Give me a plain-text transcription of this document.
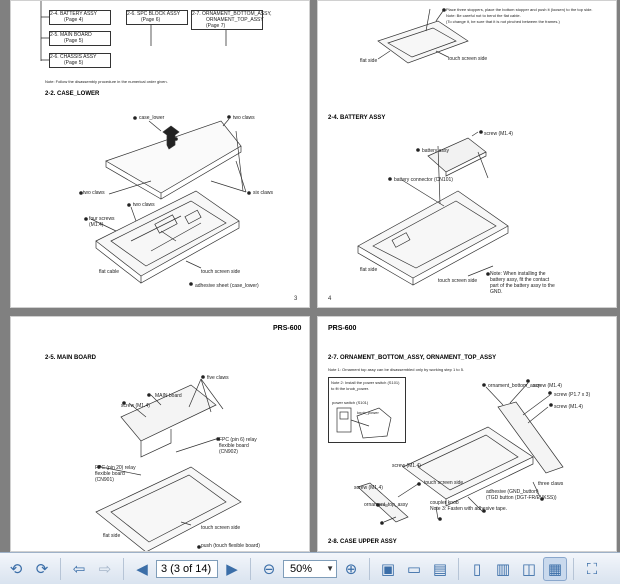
2-4. BATTERY ASSY
(Page 4)
2-5. MAIN BOARD
(Page 5)
2-6. CHASSIS ASSY
(Page 5)
2-6. SPC BLOCK ASSY
(Page 6)
2-7. ORNAMENT_BOTTOM_ASSY,
ORNAMENT_TOP_ASSY
(Page 7)
Note: Follow the disassembly procedure in the numerical order given.
2-2. CASE_LOWER
case_lower	two claws
two claws	six claws
four screws (M1.4)
two claws
flat cable	touch screen side
adhesive sheet (case_lower)
3
Place three stoppers, place the bottom stopper and push it (loosen) to the top side.
Note: Be careful not to bend the flat cable.
(To change it, be sure that it is not pinched between the frames.)
flat side	touch screen side
2-4. BATTERY ASSY
screw (M1.4)
battery assy
battery connector (CN101)
flat side
touch screen side
Note: When installing the battery assy, fit the contact part of the battery assy to the GND.
4
PRS-600
2-5. MAIN BOARD
five claws
MAIN board
screw (M1.4)
FPC (pin 6) relay flexible board (CN902)
FPC (pin 20) relay flexible board (CN901)
touch screen side
flat side
push (touch flexible board)
PRS-600
2-7. ORNAMENT_BOTTOM_ASSY, ORNAMENT_TOP_ASSY
Note 1: Ornament top assy can be disassembled only by working step 1 to 5.
Note 2: Install the power switch (S101) to fit the knob_power.
power switch (S101)
knob_power
ornament_bottom_assy
screw (M1.4)
screw (P1.7 x 3)
screw (M1.4)
three claws
screw (M1.4)
screw (M1.4)
ornament_top_assy
touch screen side
adhesive (GND_button)
(TGD button (DGT-FR/EVKSS))
coupler knob
Note 3: Fasten with adhesive tape.
2-8. CASE UPPER ASSY
⟲ ⟳	⇦ ⇨	◀	3 (3 of 14)	▶	⊖	50% ▼ ⊕	▣ ▭ ▤	▯ ▥ ◫ ▦	⛶
